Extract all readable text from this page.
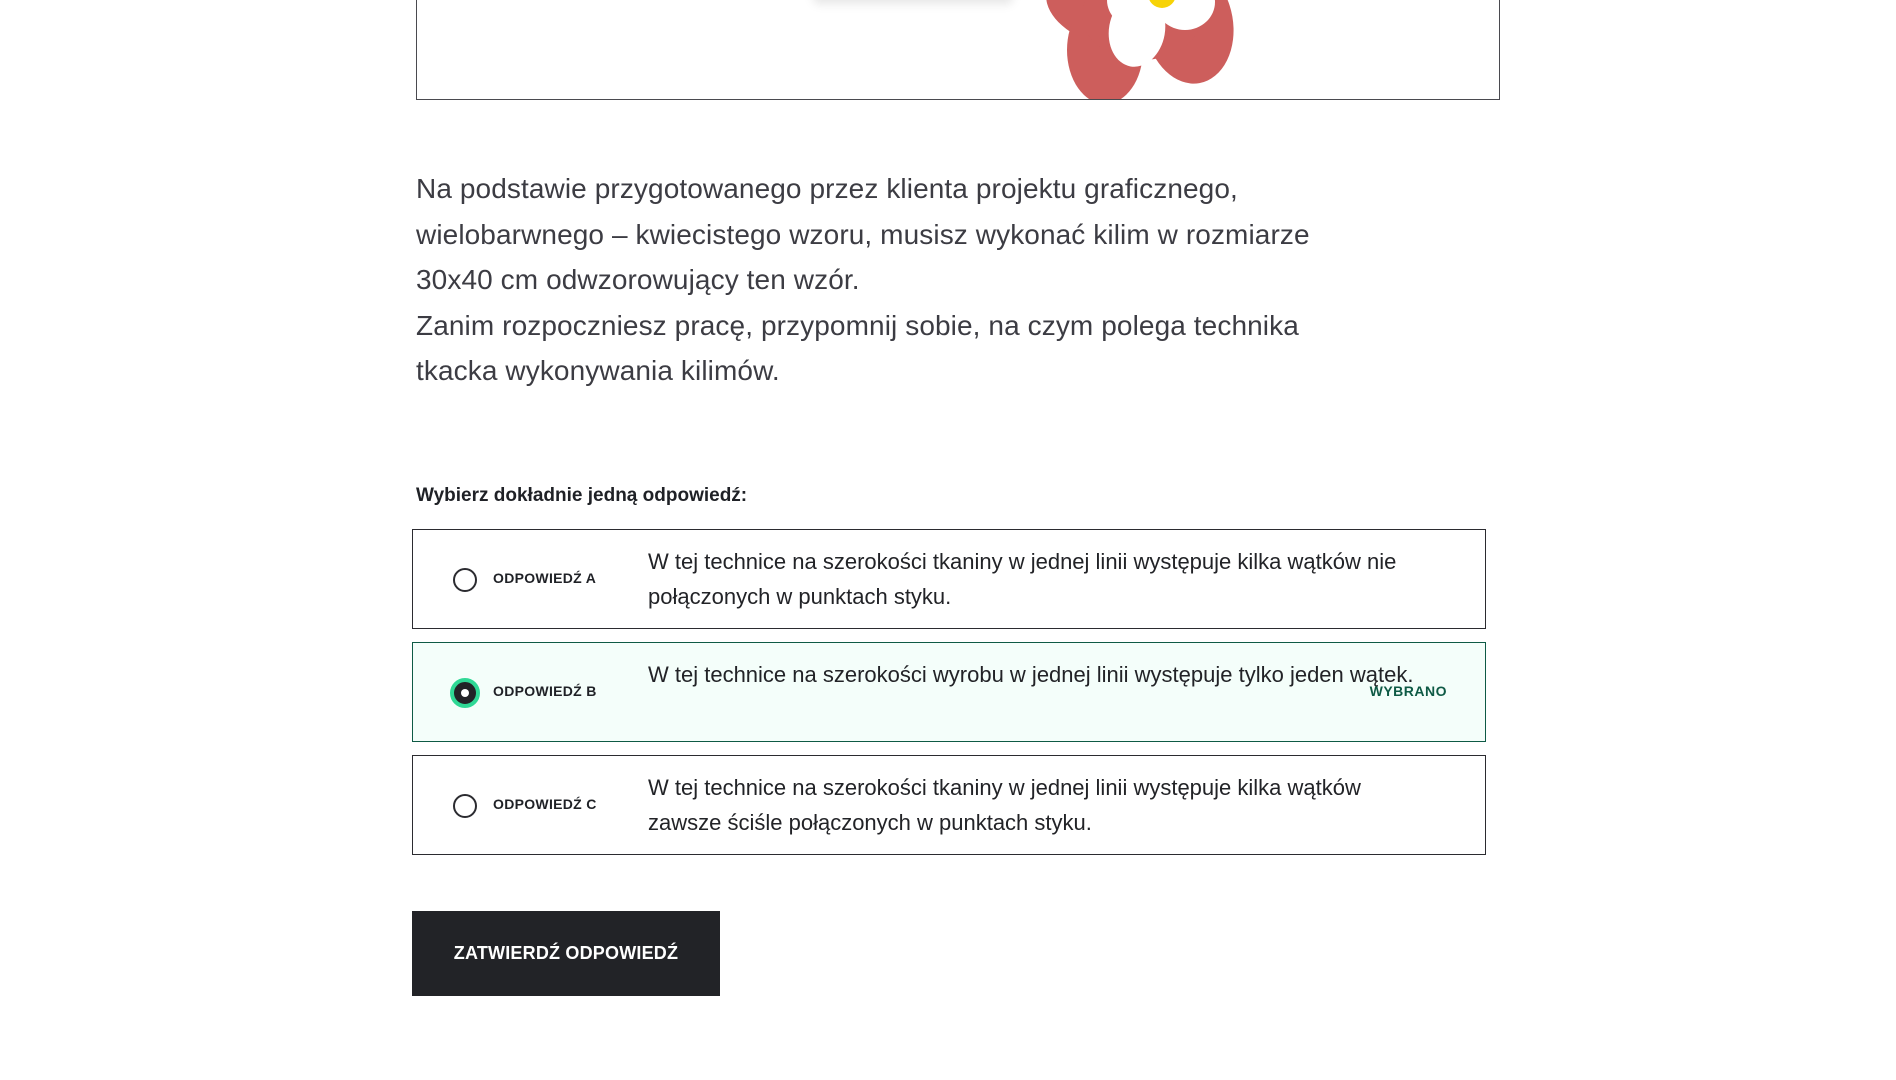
Na podstawie przygotowanego przez klienta projektu graficznego, wielobarwnego – kwiecistego wzoru, musisz wykonać kilim w rozmiarze 30x40 cm odwzorowujący ten wzór.

Zanim rozpoczniesz pracę, przypomnij sobie, na czym polega technika tkacka wykonywania kilimów.

Wybierz dokładnie jedną odpowiedź:
ODPOWIEDŹ A
W tej technice na szerokości tkaniny w jednej linii występuje kilka wątków nie połączonych w punktach styku.
ODPOWIEDŹ B
W tej technice na szerokości wyrobu w jednej linii występuje tylko jeden wątek.
WYBRANO
ODPOWIEDŹ C
W tej technice na szerokości tkaniny w jednej linii występuje kilka wątków zawsze ściśle połączonych w punktach styku.
ZATWIERDŹ ODPOWIEDŹ
